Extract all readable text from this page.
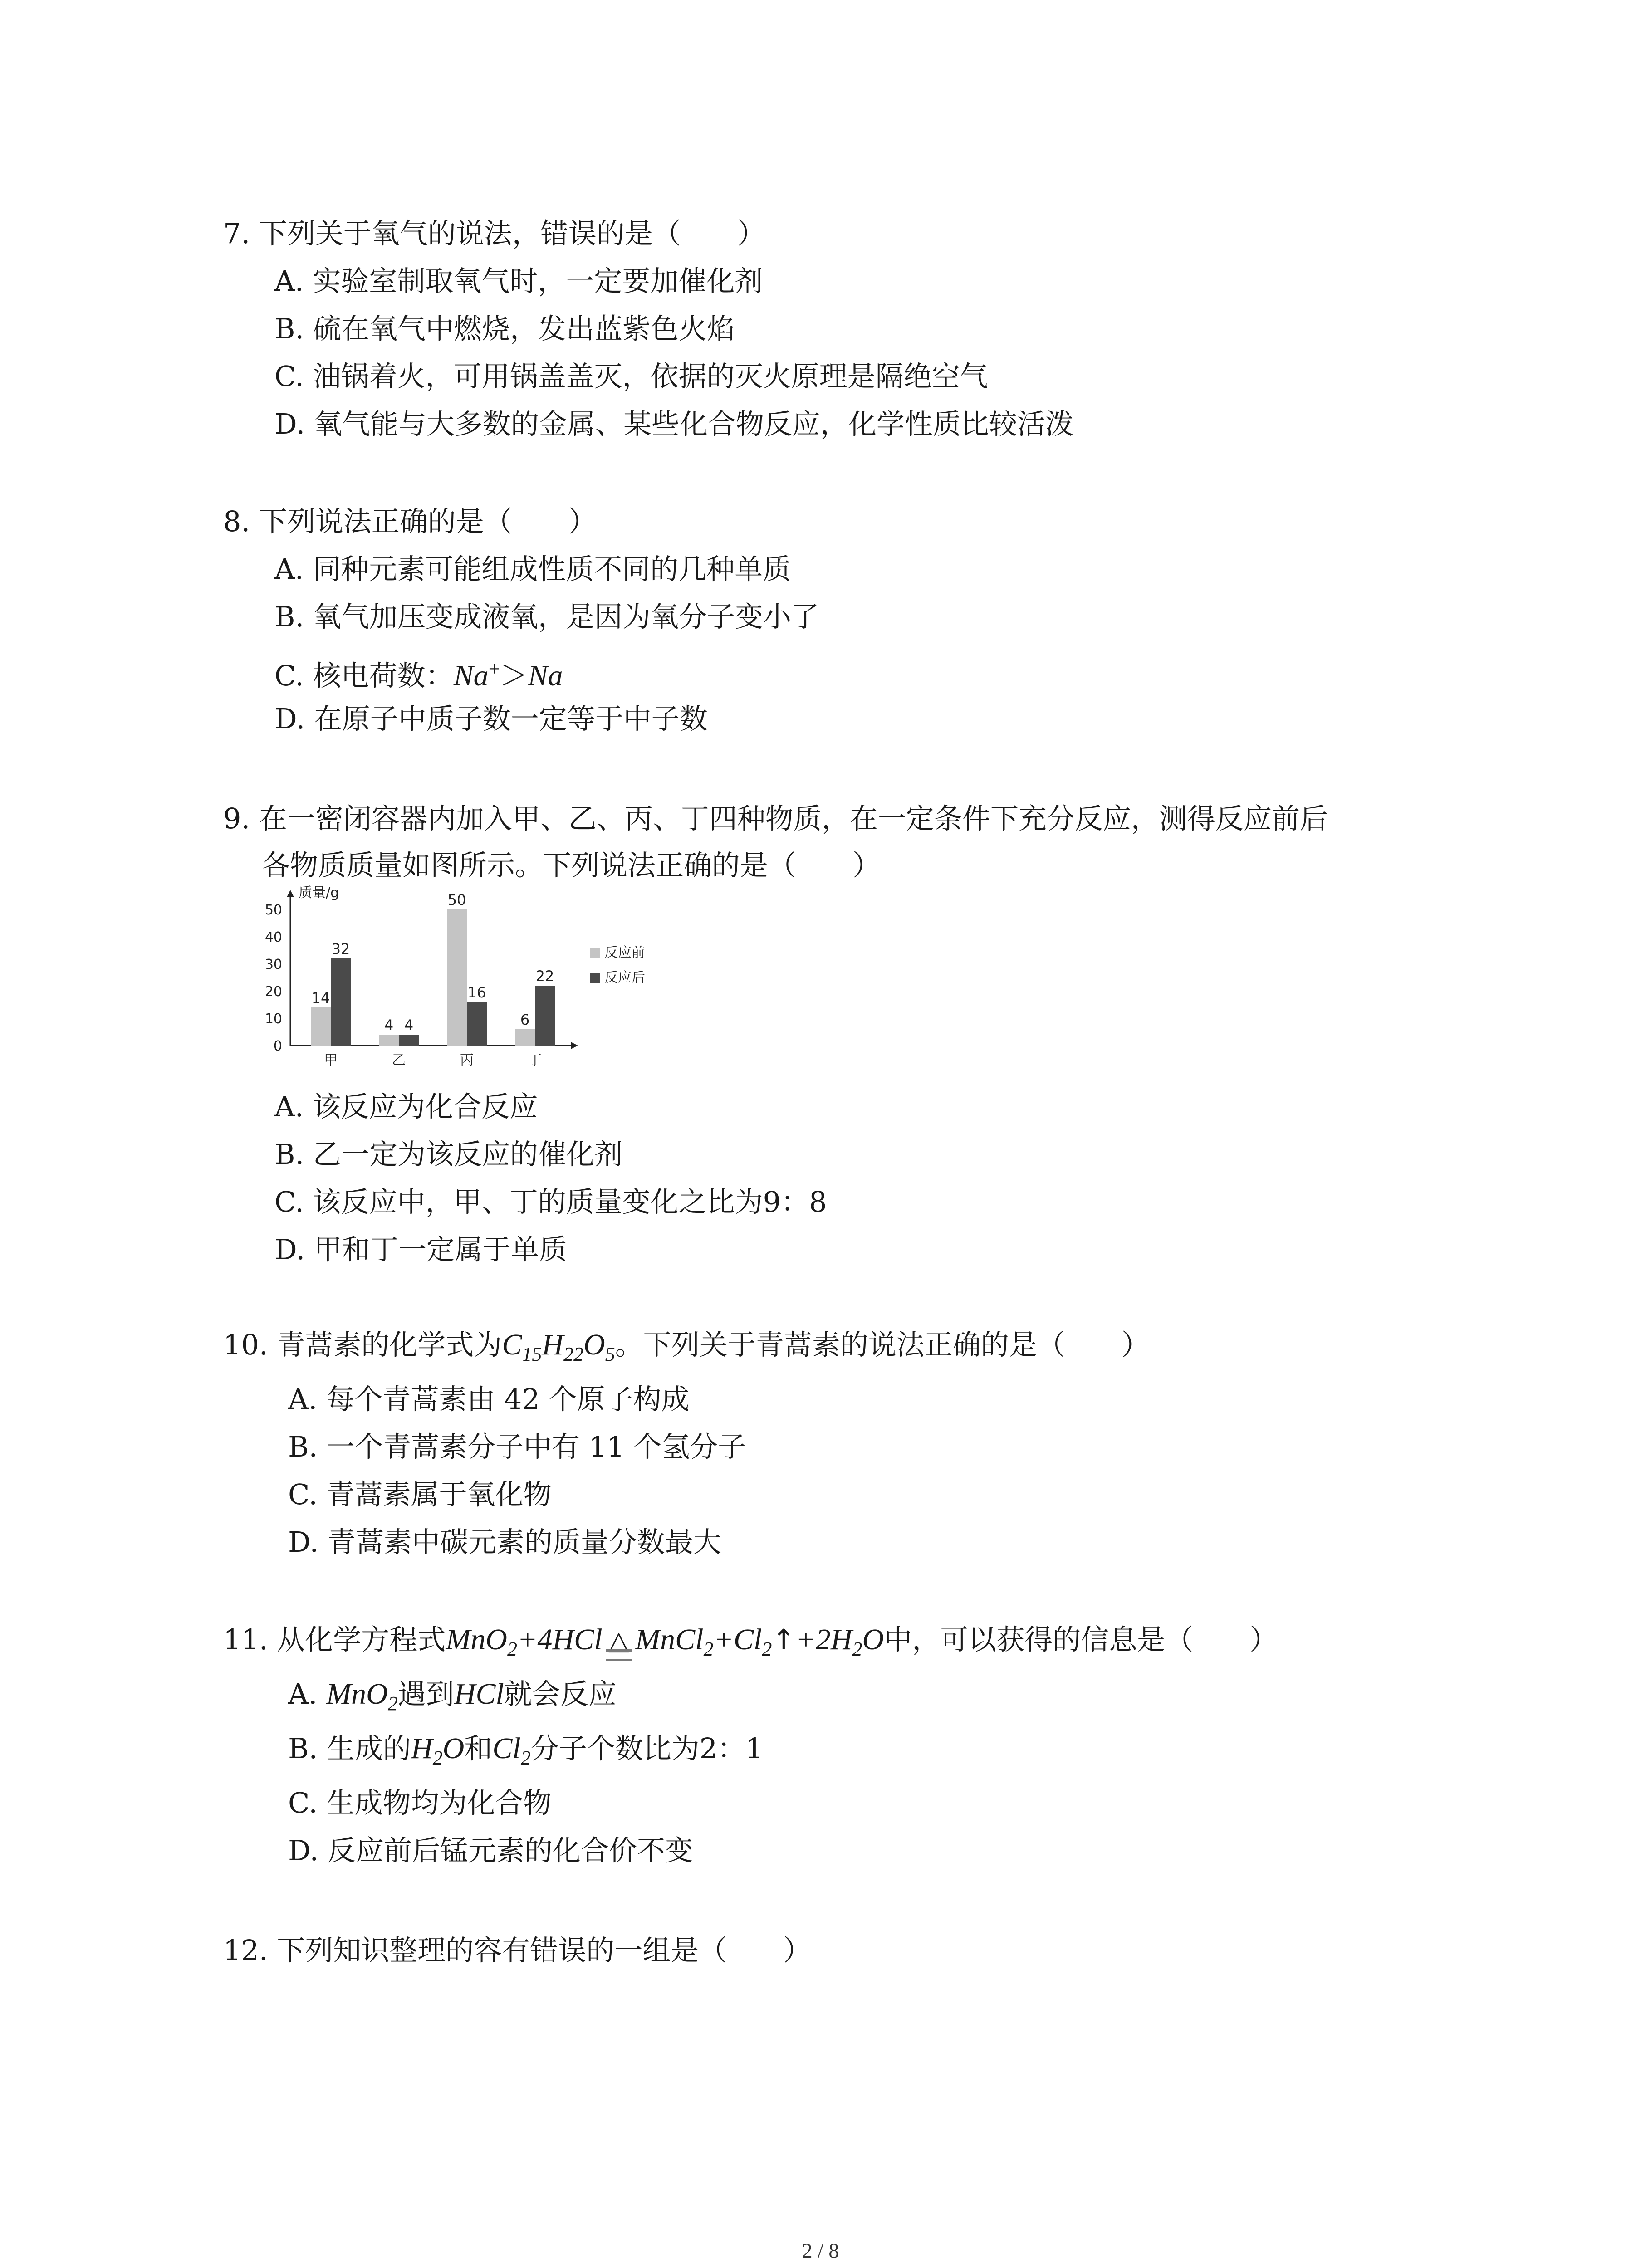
7. 下列关于氧气的说法，错误的是（　　）
A. 实验室制取氧气时，一定要加催化剂
B. 硫在氧气中燃烧，发出蓝紫色火焰
C. 油锅着火，可用锅盖盖灭，依据的灭火原理是隔绝空气
D. 氧气能与大多数的金属、某些化合物反应，化学性质比较活泼
8. 下列说法正确的是（　　）
A. 同种元素可能组成性质不同的几种单质
B. 氧气加压变成液氧，是因为氧分子变小了
C. 核电荷数：Na+＞Na
D. 在原子中质子数一定等于中子数
9. 在一密闭容器内加入甲、乙、丙、丁四种物质，在一定条件下充分反应，测得反应前后
各物质质量如图所示。下列说法正确的是（　　）
质量/g
0
10
20
30
40
50
14
32
甲
4 4
乙
50
16
丙
6
22
丁
反应前
反应后
A. 该反应为化合反应
B. 乙一定为该反应的催化剂
C. 该反应中，甲、丁的质量变化之比为9：8
D. 甲和丁一定属于单质
10. 青蒿素的化学式为$C_{15}H_{22}O_5$。下列关于青蒿素的说法正确的是（　　）
A. 每个青蒿素由 42 个原子构成
B. 一个青蒿素分子中有 11 个氢分子
C. 青蒿素属于氧化物
D. 青蒿素中碳元素的质量分数最大
11. 从化学方程式MnO$_2$+4HCl △ $MnCl_2+Cl_2↑+2H_2O$中，可以获得的信息是（　　）
A. MnO$_2$遇到HCl就会反应
B. 生成的$H_2O$和$Cl_2$分子个数比为2：1
C. 生成物均为化合物
D. 反应前后锰元素的化合价不变
12. 下列知识整理的容有错误的一组是（　　）
2 / 8
